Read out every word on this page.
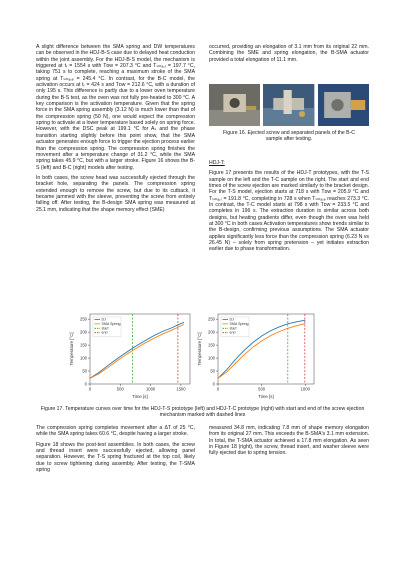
A slight difference between the SMA spring and DW temperatures can be observed in the HDJ-B-S case due to delayed heat conduction within the joint assembly. For the HDJ-B-S model, the mechanism is triggered at tᵣ = 1554 s with Tᴅᴡ = 207.3 °C and Tₛₘₐ,ᵣ = 197.7 °C, taking 751 s to complete, reaching a maximum stroke of the SMA spring at Tₛₘₐ,ₑ = 245.4 °C. In contrast, for the B-C model, the activation occurs at tᵣ = 424 s and Tᴅᴡ = 212.6 °C, with a duration of only 195 s. This difference is partly due to a lower oven temperature during the B-S test, as the oven was not fully pre-heated to 300 °C. A key comparison is the activation temperature. Given that the spring force in the SMA spring assembly (3.12 N) is much lower than that of the compression spring (50 N), one would expect the compression spring to activate at a lower temperature based solely on spring force. However, with the DSC peak at 199.1 °C for Aₛ and the phase transition starting slightly before this point show, that the SMA actuator generates enough force to trigger the ejection process earlier than the compression spring. The compression spring finishes the movement after a temperature change of 31.2 °C, while the SMA spring takes 45.9 °C, but with a larger stroke. Figure 16 shows the B-S (left) and B-C (right) models after testing.

In both cases, the screw head was successfully ejected through the bracket hole, separating the panels. The compression spring extended enough to remove the screw, but due to its cutback, it became jammed with the sleeve, preventing the screw from entirely falling off. After testing, the B-design SMA spring was measured at 25.1 mm, indicating that the shape memory effect (SME)

occurred, providing an elongation of 3.1 mm from its original 22 mm. Combining the SME and spring elongation, the B-SMA actuator provided a total elongation of 11.1 mm.

Figure 16. Ejected screw and separated panels of the B-C sample after testing.

HDJ-T:

Figure 17 presents the results of the HDJ-T prototypes, with the T-S sample on the left and the T-C sample on the right. The start and end times of the screw ejection are marked similarly to the bracket design. For the T-S model, ejection starts at 718 s with Tᴅᴡ = 205.9 °C and Tₛₘₐ,ᵣ = 191.8 °C, completing in 728 s when Tₛₘₐ,ₑ reaches 273.3 °C. In contrast, the T-C model starts at 798 s with Tᴅᴡ = 233.5 °C and completes in 196 s. The extraction duration is similar across both designs, but heating gradients differ, even though the oven was held at 300 °C in both cases Activation temperatures show trends similar to the B-design, confirming previous assumptions. The SMA actuator applies significantly less force than the compression spring (6.23 N vs 26.45 N) – solely from spring pretension – yet initiates extraction earlier due to phase transformation.

0
50
100
150
200
250
0	500	1000	1500
Time [s]
Temperature [°C]
DJ
SMA Spring
start
end
0
50
100
150
200
250
0	500	1000
Time [s]
Temperature [°C]
DJ
SMA Spring
start
end
Figure 17. Temperature curves over time for the HDJ-T-S prototype (left) and HDJ-T-C prototype (right) with start and end of the screw ejection mechanism marked with dashed lines

The compression spring completes movement after a ΔT of 25 °C, while the SMA spring takes 60.6 °C, despite having a larger stroke.

Figure 18 shows the post-test assemblies. In both cases, the screw and thread insert were successfully ejected, allowing panel separation. However, the T-S spring fractured at the top coil, likely due to screw tightening during assembly. After testing, the T-SMA spring

measured 34.8 mm, indicating 7.8 mm of shape memory elongation from its original 27 mm. This exceeds the B-SMA's 3.1 mm extension. In total, the T-SMA actuator achieved a 17.8 mm elongation. As seen in Figure 18 (right), the screw, thread insert, and washer sleeve were fully ejected due to spring tension.
